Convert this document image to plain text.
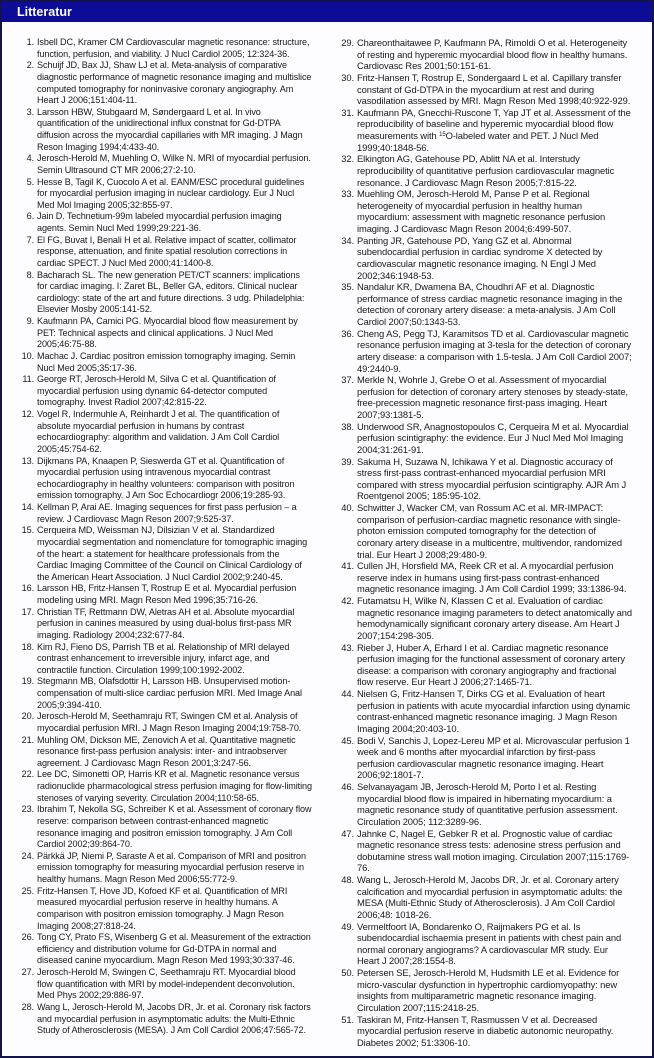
Litteratur
1. Isbell DC, Kramer CM Cardiovascular magnetic resonance: structure, function, perfusion, and viability. J Nucl Cardiol 2005; 12:324-36.
2. Schuijf JD, Bax JJ, Shaw LJ et al. Meta-analysis of comparative diagnostic performance of magnetic resonance imaging and multislice computed tomography for noninvasive coronary angiography. Am Heart J 2006;151:404-11.
3. Larsson HBW, Stubgaard M, Søndergaard L et al. In vivo quantification of the unidirectional influx constnat for Gd-DTPA diffusion across the myocardial capillaries with MR imaging. J Magn Reson Imaging 1994;4:433-40.
4. Jerosch-Herold M, Muehling O, Wilke N. MRI of myocardial perfusion. Semin Ultrasound CT MR 2006;27:2-10.
5. Hesse B, Tagil K, Cuocolo A et al. EANM/ESC procedural guidelines for myocardial perfusion imaging in nuclear cardiology. Eur J Nucl Med Mol Imaging 2005;32:855-97.
6. Jain D. Technetium-99m labeled myocardial perfusion imaging agents. Semin Nucl Med 1999;29:221-36.
7. El FG, Buvat I, Benali H et al. Relative impact of scatter, collimator response, attenuation, and finite spatial resolution corrections in cardiac SPECT. J Nucl Med 2000;41:1400-8.
8. Bacharach SL. The new generation PET/CT scanners: implications for cardiac imaging. I: Zaret BL, Beller GA, editors. Clinical nuclear cardiology: state of the art and future directions. 3 udg. Philadelphia: Elsevier Mosby 2005:141-52.
9. Kaufmann PA, Camici PG. Myocardial blood flow measurement by PET: Technical aspects and clinical applications. J Nucl Med 2005;46:75-88.
10. Machac J. Cardiac positron emission tomography imaging. Semin Nucl Med 2005;35:17-36.
11. George RT, Jerosch-Herold M, Silva C et al. Quantification of myocardial perfusion using dynamic 64-detector computed tomography. Invest Radiol 2007;42:815-22.
12. Vogel R, Indermuhle A, Reinhardt J et al. The quantification of absolute myocardial perfusion in humans by contrast echocardiography: algorithm and validation. J Am Coll Cardiol 2005;45:754-62.
13. Dijkmans PA, Knaapen P, Sieswerda GT et al. Quantification of myocardial perfusion using intravenous myocardial contrast echocardiography in healthy volunteers: comparison with positron emission tomography. J Am Soc Echocardiogr 2006;19:285-93.
14. Kellman P, Arai AE. Imaging sequences for first pass perfusion – a review. J Cardiovasc Magn Reson 2007;9:525-37.
15. Cerqueira MD, Weissman NJ, Dilsizian V et al. Standardized myocardial segmentation and nomenclature for tomographic imaging of the heart: a statement for healthcare professionals from the Cardiac Imaging Committee of the Council on Clinical Cardiology of the American Heart Association. J Nucl Cardiol 2002;9:240-45.
16. Larsson HB, Fritz-Hansen T, Rostrup E et al. Myocardial perfusion modeling using MRI. Magn Reson Med 1996;35:716-26.
17. Christian TF, Rettmann DW, Aletras AH et al. Absolute myocardial perfusion in canines measured by using dual-bolus first-pass MR imaging. Radiology 2004;232:677-84.
18. Kim RJ, Fieno DS, Parrish TB et al. Relationship of MRI delayed contrast enhancement to irreversible injury, infarct age, and contractile function. Circulation 1999;100:1992-2002.
19. Stegmann MB, Olafsdottir H, Larsson HB. Unsupervised motion-compensation of multi-slice cardiac perfusion MRI. Med Image Anal 2005;9:394-410.
20. Jerosch-Herold M, Seethamraju RT, Swingen CM et al. Analysis of myocardial perfusion MRI. J Magn Reson Imaging 2004;19:758-70.
21. Muhling OM, Dickson ME, Zenovich A et al. Quantitative magnetic resonance first-pass perfusion analysis: inter- and intraobserver agreement. J Cardiovasc Magn Reson 2001;3:247-56.
22. Lee DC, Simonetti OP, Harris KR et al. Magnetic resonance versus radionuclide pharmacological stress perfusion imaging for flow-limiting stenoses of varying severity. Circulation 2004;110:58-65.
23. Ibrahim T, Nekolla SG, Schreiber K et al. Assessment of coronary flow reserve: comparison between contrast-enhanced magnetic resonance imaging and positron emission tomography. J Am Coll Cardiol 2002;39:864-70.
24. Pärkkä JP, Niemi P, Saraste A et al. Comparison of MRI and positron emission tomography for measuring myocardial perfusion reserve in healthy humans. Magn Reson Med 2006;55:772-9.
25. Fritz-Hansen T, Hove JD, Kofoed KF et al. Quantification of MRI measured myocardial perfusion reserve in healthy humans. A comparison with positron emission tomography. J Magn Reson Imaging 2008;27:818-24.
26. Tong CY, Prato FS, Wisenberg G et al. Measurement of the extraction efficiency and distribution volume for Gd-DTPA in normal and diseased canine myocardium. Magn Reson Med 1993;30:337-46.
27. Jerosch-Herold M, Swingen C, Seethamraju RT. Myocardial blood flow quantification with MRI by model-independent deconvolution. Med Phys 2002;29:886-97.
28. Wang L, Jerosch-Herold M, Jacobs DR, Jr. et al. Coronary risk factors and myocardial perfusion in asymptomatic adults: the Multi-Ethnic Study of Atherosclerosis (MESA). J Am Coll Cardiol 2006;47:565-72.
29. Chareonthaitawee P, Kaufmann PA, Rimoldi O et al. Heterogeneity of resting and hyperemic myocardial blood flow in healthy humans. Cardiovasc Res 2001;50:151-61.
30. Fritz-Hansen T, Rostrup E, Sondergaard L et al. Capillary transfer constant of Gd-DTPA in the myocardium at rest and during vasodilation assessed by MRI. Magn Reson Med 1998;40:922-929.
31. Kaufmann PA, Gnecchi-Ruscone T, Yap JT et al. Assessment of the reproducibility of baseline and hyperemic myocardial blood flow measurements with $^{15}$O-labeled water and PET. J Nucl Med 1999;40:1848-56.
32. Elkington AG, Gatehouse PD, Ablitt NA et al. Interstudy reproducibility of quantitative perfusion cardiovascular magnetic resonance. J Cardiovasc Magn Reson 2005;7:815-22.
33. Muehling OM, Jerosch-Herold M, Panse P et al. Regional heterogeneity of myocardial perfusion in healthy human myocardium: assessment with magnetic resonance perfusion imaging. J Cardiovasc Magn Reson 2004;6:499-507.
34. Panting JR, Gatehouse PD, Yang GZ et al. Abnormal subendocardial perfusion in cardiac syndrome X detected by cardiovascular magnetic resonance imaging. N Engl J Med 2002;346:1948-53.
35. Nandalur KR, Dwamena BA, Choudhri AF et al. Diagnostic performance of stress cardiac magnetic resonance imaging in the detection of coronary artery disease: a meta-analysis. J Am Coll Cardiol 2007;50:1343-53.
36. Cheng AS, Pegg TJ, Karamitsos TD et al. Cardiovascular magnetic resonance perfusion imaging at 3-tesla for the detection of coronary artery disease: a comparison with 1.5-tesla. J Am Coll Cardiol 2007; 49:2440-9.
37. Merkle N, Wohrle J, Grebe O et al. Assessment of myocardial perfusion for detection of coronary artery stenoses by steady-state, free-precession magnetic resonance first-pass imaging. Heart 2007;93:1381-5.
38. Underwood SR, Anagnostopoulos C, Cerqueira M et al. Myocardial perfusion scintigraphy: the evidence. Eur J Nucl Med Mol Imaging 2004;31:261-91.
39. Sakuma H, Suzawa N, Ichikawa Y et al. Diagnostic accuracy of stress first-pass contrast-enhanced myocardial perfusion MRI compared with stress myocardial perfusion scintigraphy. AJR Am J Roentgenol 2005; 185:95-102.
40. Schwitter J, Wacker CM, van Rossum AC et al. MR-IMPACT: comparison of perfusion-cardiac magnetic resonance with single-photon emission computed tomography for the detection of coronary artery disease in a multicentre, multivendor, randomized trial. Eur Heart J 2008;29:480-9.
41. Cullen JH, Horsfield MA, Reek CR et al. A myocardial perfusion reserve index in humans using first-pass contrast-enhanced magnetic resonance imaging. J Am Coll Cardiol 1999; 33:1386-94.
42. Futamatsu H, Wilke N, Klassen C et al. Evaluation of cardiac magnetic resonance imaging parameters to detect anatomically and hemodynamically significant coronary artery disease. Am Heart J 2007;154:298-305.
43. Rieber J, Huber A, Erhard I et al. Cardiac magnetic resonance perfusion imaging for the functional assessment of coronary artery disease: a comparison with coronary angiography and fractional flow reserve. Eur Heart J 2006;27:1465-71.
44. Nielsen G, Fritz-Hansen T, Dirks CG et al. Evaluation of heart perfusion in patients with acute myocardial infarction using dynamic contrast-enhanced magnetic resonance imaging. J Magn Reson Imaging 2004;20:403-10.
45. Bodi V, Sanchis J, Lopez-Lereu MP et al. Microvascular perfusion 1 week and 6 months after myocardial infarction by first-pass perfusion cardiovascular magnetic resonance imaging. Heart 2006;92:1801-7.
46. Selvanayagam JB, Jerosch-Herold M, Porto I et al. Resting myocardial blood flow is impaired in hibernating myocardium: a magnetic resonance study of quantitative perfusion assessment. Circulation 2005; 112:3289-96.
47. Jahnke C, Nagel E, Gebker R et al. Prognostic value of cardiac magnetic resonance stress tests: adenosine stress perfusion and dobutamine stress wall motion imaging. Circulation 2007;115:1769-76.
48. Wang L, Jerosch-Herold M, Jacobs DR, Jr. et al. Coronary artery calcification and myocardial perfusion in asymptomatic adults: the MESA (Multi-Ethnic Study of Atherosclerosis). J Am Coll Cardiol 2006;48: 1018-26.
49. Vermeltfoort IA, Bondarenko O, Raijmakers PG et al. Is subendocardial ischaemia present in patients with chest pain and normal coronary angiograms? A cardiovascular MR study. Eur Heart J 2007;28:1554-8.
50. Petersen SE, Jerosch-Herold M, Hudsmith LE et al. Evidence for micro-vascular dysfunction in hypertrophic cardiomyopathy: new insights from multiparametric magnetic resonance imaging. Circulation 2007;115:2418-25.
51. Taskiran M, Fritz-Hansen T, Rasmussen V et al. Decreased myocardial perfusion reserve in diabetic autonomic neuropathy. Diabetes 2002; 51:3306-10.
